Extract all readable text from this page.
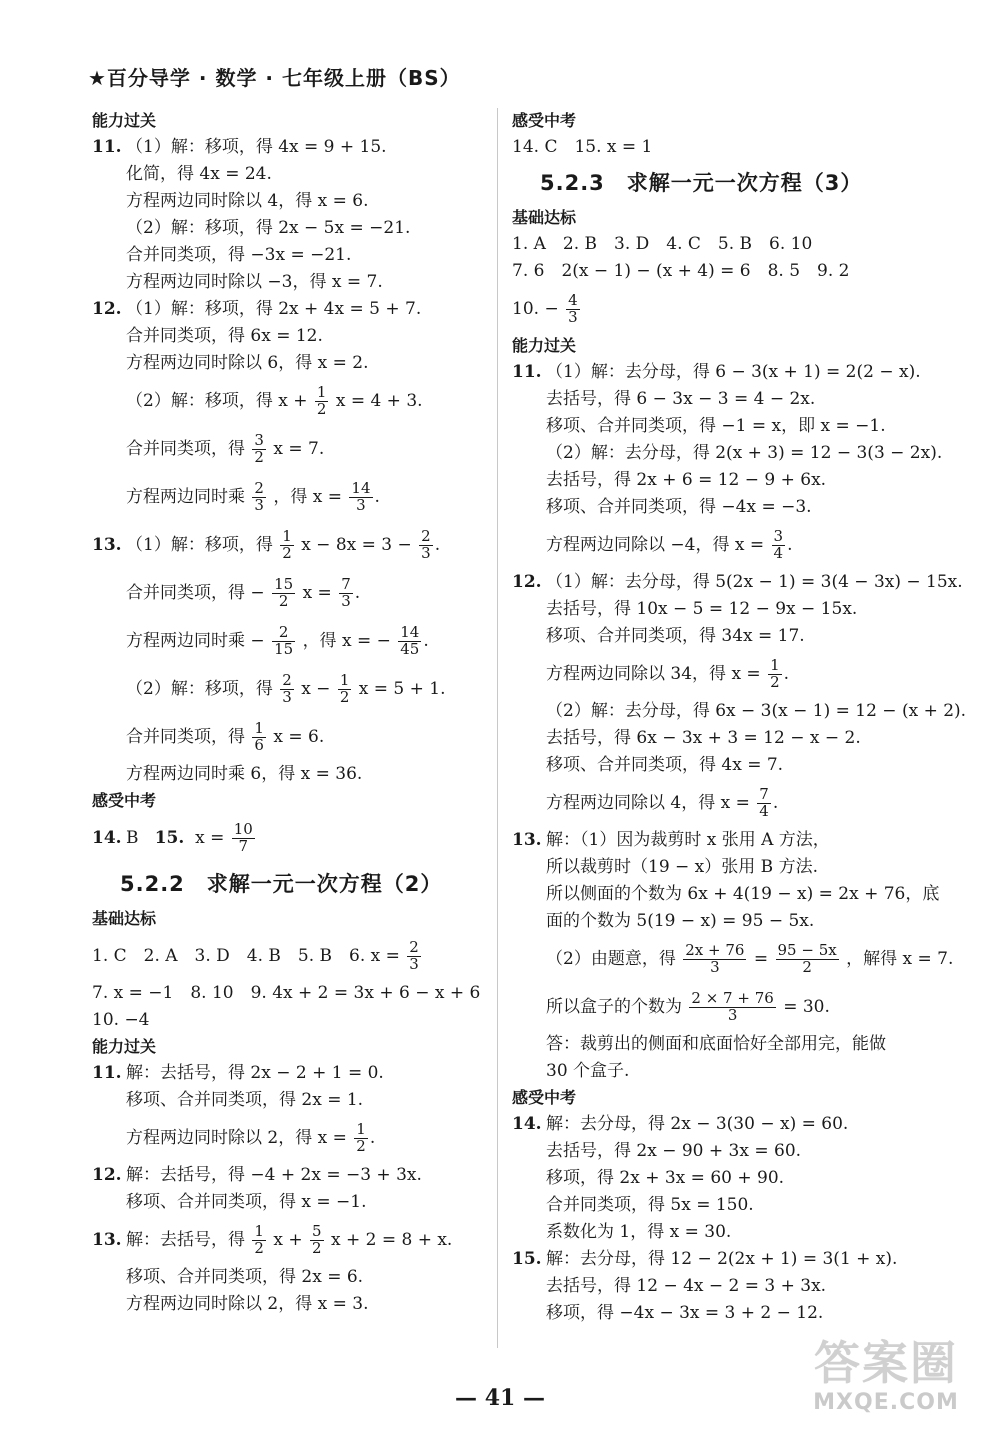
★百分导学 · 数学 · 七年级上册（BS）
能力过关
11. （1）解：移项，得 4x = 9 + 15.
化简，得 4x = 24.
方程两边同时除以 4，得 x = 6.
（2）解：移项，得 2x − 5x = −21.
合并同类项，得 −3x = −21.
方程两边同时除以 −3，得 x = 7.
12. （1）解：移项，得 2x + 4x = 5 + 7.
合并同类项，得 6x = 12.
方程两边同时除以 6，得 x = 2.
（2）解：移项，得 $x + \frac{1}{2}$ x = 4 + 3.
合并同类项，得 $\frac{3}{2}$ x = 7.
方程两边同时乘 $\frac{2}{3}$ ，得 $x = \frac{14}{3}$ .
13. （1）解：移项，得 $\frac{1}{2}$ $x - 8x = 3 - \frac{2}{3}$ .
合并同类项，得 − $\frac{15}{2}$ $x = \frac{7}{3}$ .
方程两边同时乘 − $\frac{2}{15}$ ，得 x = − $\frac{14}{45}$ .
（2）解：移项，得 $\frac{2}{3}$ $x - \frac{1}{2}$ x = 5 + 1.
合并同类项，得 $\frac{1}{6}$ x = 6.
方程两边同时乘 6，得 x = 36.
感受中考
14. B 15. $x = \frac{10}{7}$
5.2.2　求解一元一次方程（2）
基础达标
1. C　2. A　3. D　4. B　5. B　6. $x = \frac{2}{3}$
7. x = −1　8. 10　9. 4x + 2 = 3x + 6 − x + 6
10. −4
能力过关
11. 解：去括号，得 2x − 2 + 1 = 0.
移项、合并同类项，得 2x = 1.
方程两边同时除以 2，得 $x = \frac{1}{2}$ .
12. 解：去括号，得 −4 + 2x = −3 + 3x.
移项、合并同类项，得 x = −1.
13. 解：去括号，得 $\frac{1}{2}$ $x + \frac{5}{2}$ x + 2 = 8 + x.
移项、合并同类项，得 2x = 6.
方程两边同时除以 2，得 x = 3.
感受中考
14. C　15. x = 1
5.2.3　求解一元一次方程（3）
基础达标
1. A　2. B　3. D　4. C　5. B　6. 10
7. 6　2(x − 1) − (x + 4) = 6　8. 5　9. 2
10. − $\frac{4}{3}$
能力过关
11. （1）解：去分母，得 6 − 3(x + 1) = 2(2 − x).
去括号，得 6 − 3x − 3 = 4 − 2x.
移项、合并同类项，得 −1 = x，即 x = −1.
（2）解：去分母，得 2(x + 3) = 12 − 3(3 − 2x).
去括号，得 2x + 6 = 12 − 9 + 6x.
移项、合并同类项，得 −4x = −3.
方程两边同除以 −4，得 $x = \frac{3}{4}$ .
12. （1）解：去分母，得 5(2x − 1) = 3(4 − 3x) − 15x.
去括号，得 10x − 5 = 12 − 9x − 15x.
移项、合并同类项，得 34x = 17.
方程两边同除以 34，得 $x = \frac{1}{2}$ .
（2）解：去分母，得 6x − 3(x − 1) = 12 − (x + 2).
去括号，得 6x − 3x + 3 = 12 − x − 2.
移项、合并同类项，得 4x = 7.
方程两边同除以 4，得 $x = \frac{7}{4}$ .
13. 解：（1）因为裁剪时 x 张用 A 方法，
所以裁剪时（19 − x）张用 B 方法.
所以侧面的个数为 6x + 4(19 − x) = 2x + 76，底
面的个数为 5(19 − x) = 95 − 5x.
（2）由题意，得 $\frac{2x + 76}{3} = \frac{95 - 5x}{2}$ ，解得 x = 7.
所以盒子的个数为 $\frac{2 \times 7 + 76}{3} = 30$.
答：裁剪出的侧面和底面恰好全部用完，能做
30 个盒子.
感受中考
14. 解：去分母，得 2x − 3(30 − x) = 60.
去括号，得 2x − 90 + 3x = 60.
移项，得 2x + 3x = 60 + 90.
合并同类项，得 5x = 150.
系数化为 1，得 x = 30.
15. 解：去分母，得 12 − 2(2x + 1) = 3(1 + x).
去括号，得 12 − 4x − 2 = 3 + 3x.
移项，得 −4x − 3x = 3 + 2 − 12.
— 41 —
答案圈
MXQE.COM
